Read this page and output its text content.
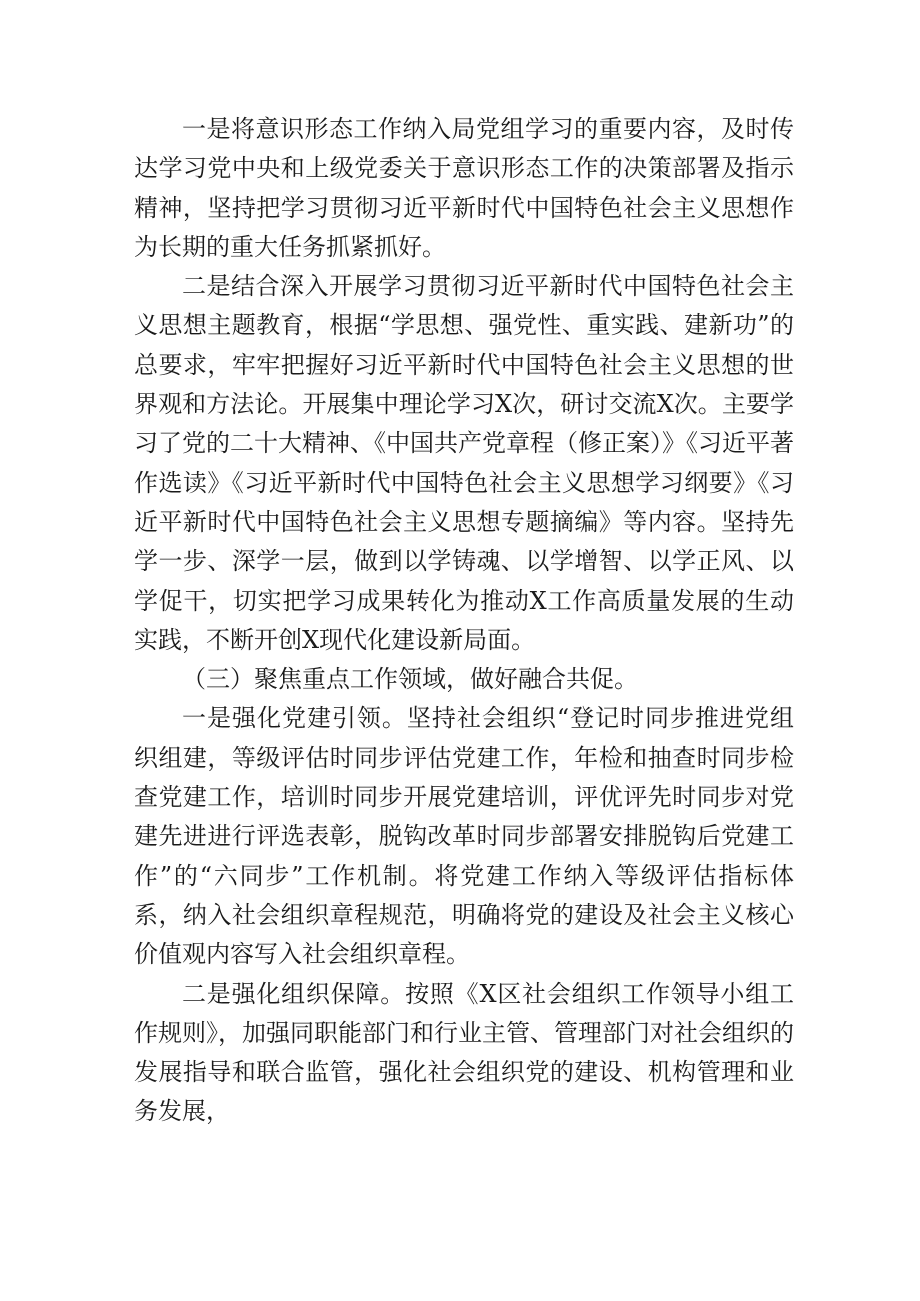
一是将意识形态工作纳入局党组学习的重要内容，及时传达学习党中央和上级党委关于意识形态工作的决策部署及指示精神，坚持把学习贯彻习近平新时代中国特色社会主义思想作为长期的重大任务抓紧抓好。

二是结合深入开展学习贯彻习近平新时代中国特色社会主义思想主题教育，根据“学思想、强党性、重实践、建新功”的总要求，牢牢把握好习近平新时代中国特色社会主义思想的世界观和方法论。开展集中理论学习X次，研讨交流X次。主要学习了党的二十大精神、《中国共产党章程（修正案）》《习近平著作选读》《习近平新时代中国特色社会主义思想学习纲要》《习近平新时代中国特色社会主义思想专题摘编》等内容。坚持先学一步、深学一层，做到以学铸魂、以学增智、以学正风、以学促干，切实把学习成果转化为推动X工作高质量发展的生动实践，不断开创X现代化建设新局面。

（三）聚焦重点工作领域，做好融合共促。

一是强化党建引领。坚持社会组织“登记时同步推进党组织组建，等级评估时同步评估党建工作，年检和抽查时同步检查党建工作，培训时同步开展党建培训，评优评先时同步对党建先进进行评选表彰，脱钩改革时同步部署安排脱钩后党建工作”的“六同步”工作机制。将党建工作纳入等级评估指标体系，纳入社会组织章程规范，明确将党的建设及社会主义核心价值观内容写入社会组织章程。

二是强化组织保障。按照《X区社会组织工作领导小组工作规则》，加强同职能部门和行业主管、管理部门对社会组织的发展指导和联合监管，强化社会组织党的建设、机构管理和业务发展，
